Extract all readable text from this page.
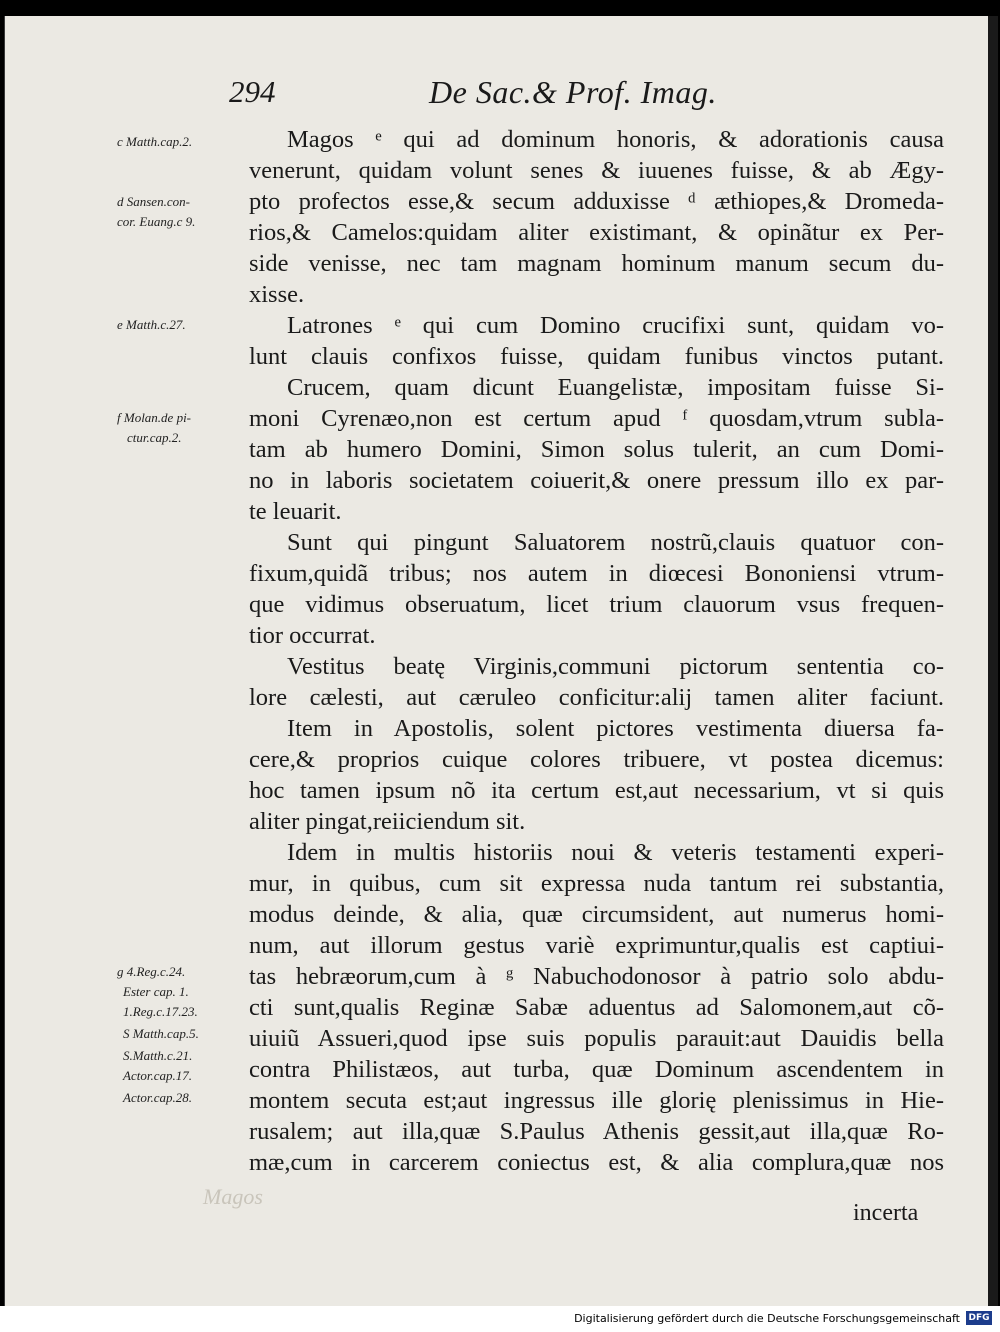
294	De Sac.& Prof. Imag.
c Matth.cap.2.
d Sansen.con-
cor. Euang.c 9.
e Matth.c.27.
f Molan.de pi-
ctur.cap.2.
g 4.Reg.c.24.
Ester cap. 1.
1.Reg.c.17.23.
S Matth.cap.5.
S.Matth.c.21.
Actor.cap.17.
Actor.cap.28.
Magos ᵉ qui ad dominum honoris, & adorationis causa
venerunt, quidam volunt senes & iuuenes fuisse, & ab Ægy-
pto profectos esse,& secum adduxisse ᵈ æthiopes,& Dromeda-
rios,& Camelos:quidam aliter existimant, & opinãtur ex Per-
side venisse, nec tam magnam hominum manum secum du-
xisse.
Latrones ᵉ qui cum Domino crucifixi sunt, quidam vo-
lunt clauis confixos fuisse, quidam funibus vinctos putant.
Crucem, quam dicunt Euangelistæ, impositam fuisse Si-
moni Cyrenæo,non est certum apud ᶠ quosdam,vtrum subla-
tam ab humero Domini, Simon solus tulerit, an cum Domi-
no in laboris societatem coiuerit,& onere pressum illo ex par-
te leuarit.
Sunt qui pingunt Saluatorem nostrũ,clauis quatuor con-
fixum,quidã tribus; nos autem in diœcesi Bononiensi vtrum-
que vidimus obseruatum, licet trium clauorum vsus frequen-
tior occurrat.
Vestitus beatę Virginis,communi pictorum sententia co-
lore cælesti, aut cæruleo conficitur:alij tamen aliter faciunt.
Item in Apostolis, solent pictores vestimenta diuersa fa-
cere,& proprios cuique colores tribuere, vt postea dicemus:
hoc tamen ipsum nõ ita certum est,aut necessarium, vt si quis
aliter pingat,reiiciendum sit.
Idem in multis historiis noui & veteris testamenti experi-
mur, in quibus, cum sit expressa nuda tantum rei substantia,
modus deinde, & alia, quæ circumsident, aut numerus homi-
num, aut illorum gestus variè exprimuntur,qualis est captiui-
tas hebræorum,cum à ᵍ Nabuchodonosor à patrio solo abdu-
cti sunt,qualis Reginæ Sabæ aduentus ad Salomonem,aut cõ-
uiuiũ Assueri,quod ipse suis populis parauit:aut Dauidis bella
contra Philistæos, aut turba, quæ Dominum ascendentem in
montem secuta est;aut ingressus ille glorię plenissimus in Hie-
rusalem; aut illa,quæ S.Paulus Athenis gessit,aut illa,quæ Ro-
mæ,cum in carcerem coniectus est, & alia complura,quæ nos
Magos
incerta
Digitalisierung gefördert durch die Deutsche Forschungsgemeinschaft DFG
